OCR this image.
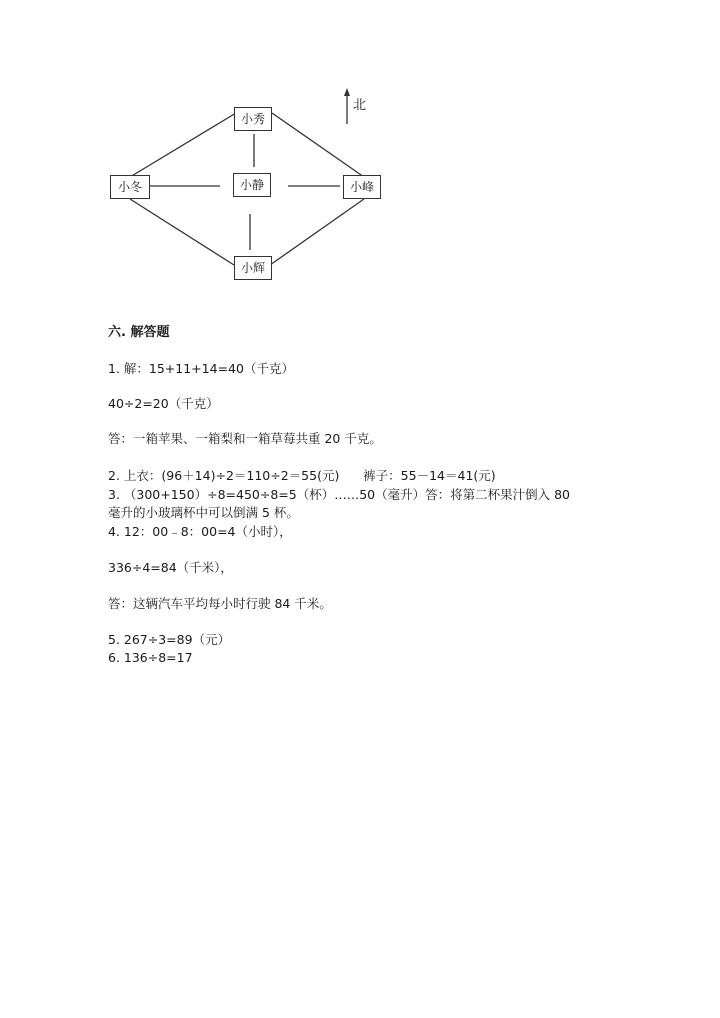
小秀
小冬	小静	小峰
小辉
北
六. 解答题
1. 解：15+11+14=40（千克）
40÷2=20（千克）
答：一箱苹果、一箱梨和一箱草莓共重 20 千克。
2. 上衣：(96＋14)÷2＝110÷2＝55(元)      裤子：55－14＝41(元)
3. （300+150）÷8=450÷8=5（杯）……50（毫升）答：将第二杯果汁倒入 80
毫升的小玻璃杯中可以倒满 5 杯。
4. 12：00﹣8：00=4（小时），
336÷4=84（千米），
答：这辆汽车平均每小时行驶 84 千米。
5. 267÷3=89（元）
6. 136÷8=17
